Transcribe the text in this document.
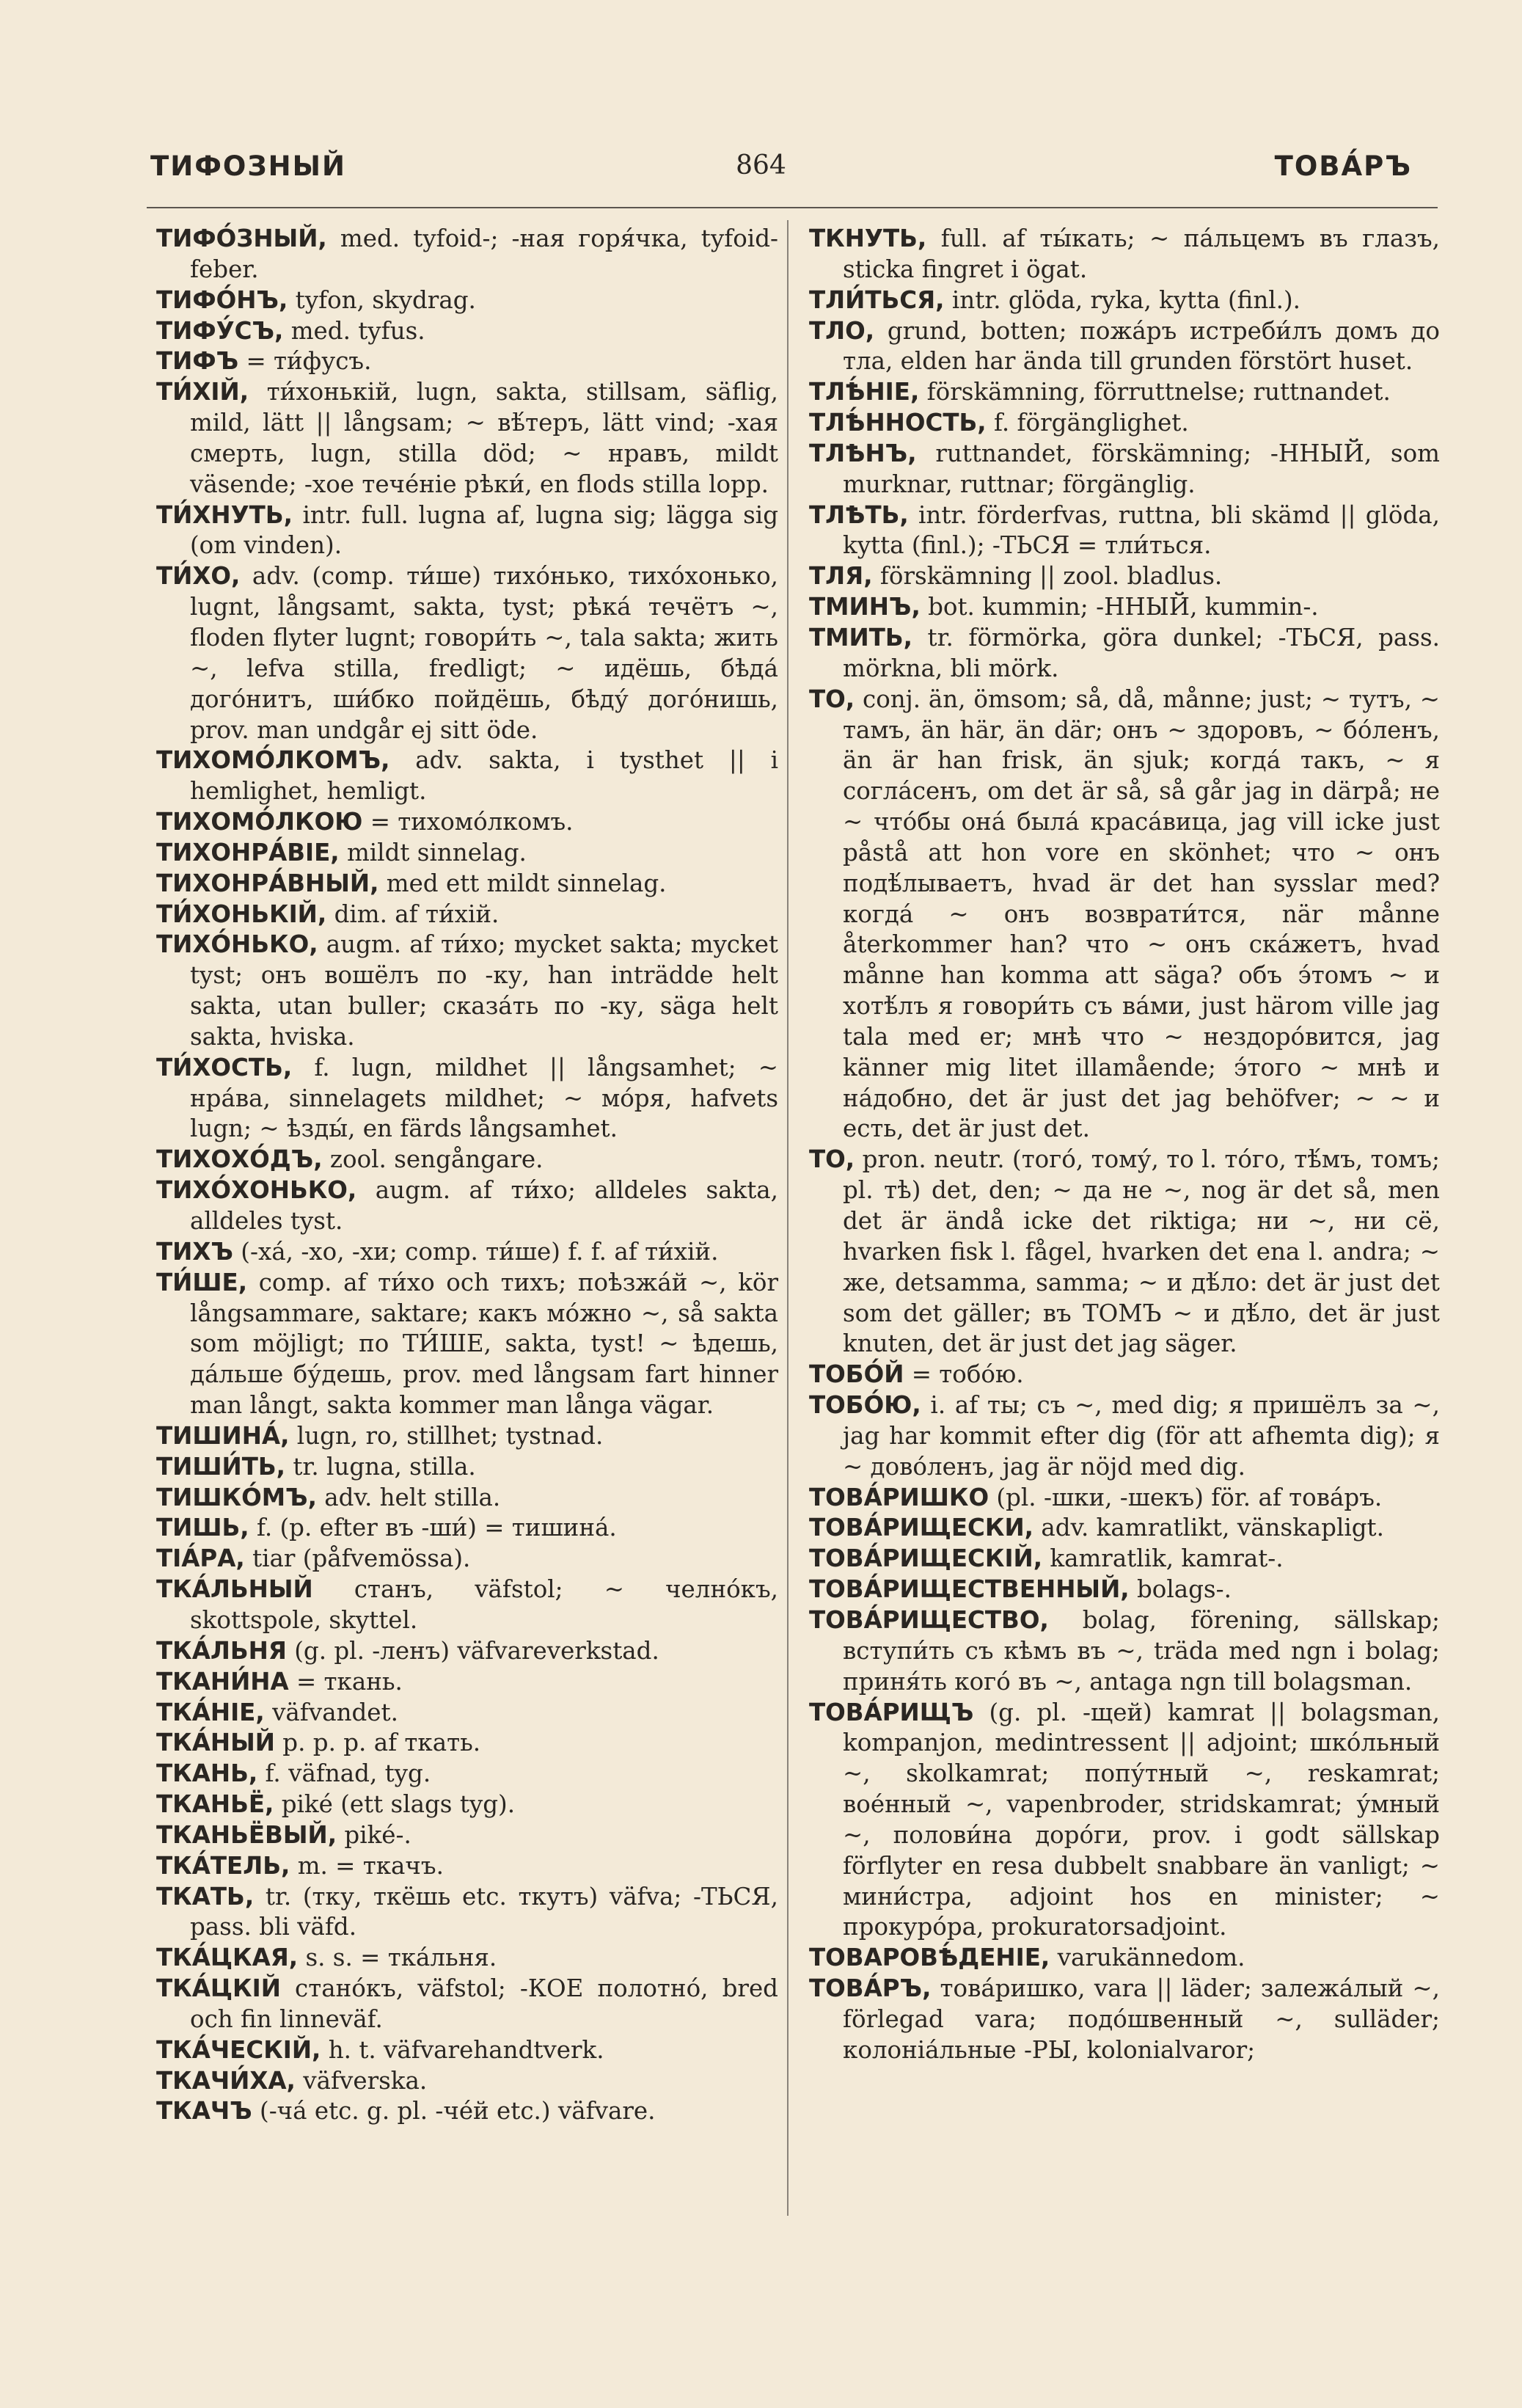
ТИФОЗНЫЙ	864	ТОВА́РЪ

ТИФО́ЗНЫЙ, med. tyfoid-; -ная горя́чка, tyfoid-feber.

ТИФО́НЪ, tyfon, skydrag.

ТИФУ́СЪ, med. tyfus.

ТИФЪ = ти́фусъ.

ТИ́ХІЙ, ти́хонькій, lugn, sakta, stillsam, säflig, mild, lätt || långsam; ~ вѣ́теръ, lätt vind; -хая смерть, lugn, stilla död; ~ нравъ, mildt väsende; -хое тече́ніе рѣки́, en flods stilla lopp.

ТИ́ХНУТЬ, intr. full. lugna af, lugna sig; lägga sig (om vinden).

ТИ́ХО, adv. (comp. ти́ше) тихо́нько, тихо́хонько, lugnt, långsamt, sakta, tyst; рѣка́ течётъ ~, floden flyter lugnt; говори́ть ~, tala sakta; жить ~, lefva stilla, fredligt; ~ идёшь, бѣда́ дого́нитъ, ши́бко пойдёшь, бѣду́ дого́нишь, prov. man undgår ej sitt öde.

ТИХОМО́ЛКОМЪ, adv. sakta, i tysthet || i hemlighet, hemligt.

ТИХОМО́ЛКОЮ = тихомо́лкомъ.

ТИХОНРА́ВІЕ, mildt sinnelag.

ТИХОНРА́ВНЫЙ, med ett mildt sinnelag.

ТИ́ХОНЬКІЙ, dim. af ти́хій.

ТИХО́НЬКО, augm. af ти́хо; mycket sakta; mycket tyst; онъ вошёлъ по -ку, han inträdde helt sakta, utan buller; сказа́ть по -ку, säga helt sakta, hviska.

ТИ́ХОСТЬ, f. lugn, mildhet || långsamhet; ~ нра́ва, sinnelagets mildhet; ~ мо́ря, hafvets lugn; ~ ѣзды́, en färds långsamhet.

ТИХОХО́ДЪ, zool. sengångare.

ТИХО́ХОНЬКО, augm. af ти́хо; alldeles sakta, alldeles tyst.

ТИХЪ (-ха́, -хо, -хи; comp. ти́ше) f. f. af ти́хій.

ТИ́ШЕ, comp. af ти́хо och тихъ; поѣзжа́й ~, kör långsammare, saktare; какъ мо́жно ~, så sakta som möjligt; по ТИ́ШЕ, sakta, tyst! ~ ѣдешь, да́льше бу́дешь, prov. med långsam fart hinner man långt, sakta kommer man långa vägar.

ТИШИНА́, lugn, ro, stillhet; tystnad.

ТИШИ́ТЬ, tr. lugna, stilla.

ТИШКО́МЪ, adv. helt stilla.

ТИШЬ, f. (p. efter въ -ши́) = тишина́.

ТІА́РА, tiar (påfvemössa).

ТКА́ЛЬНЫЙ станъ, väfstol; ~ челно́къ, skottspole, skyttel.

ТКА́ЛЬНЯ (g. pl. -ленъ) väfvareverkstad.

ТКАНИ́НА = ткань.

ТКА́НІЕ, väfvandet.

ТКА́НЫЙ p. p. p. af ткать.

ТКАНЬ, f. väfnad, tyg.

ТКАНЬЁ, piké (ett slags tyg).

ТКАНЬЁВЫЙ, piké-.

ТКА́ТЕЛЬ, m. = ткачъ.

ТКАТЬ, tr. (тку, ткёшь etc. ткутъ) väfva; -ТЬСЯ, pass. bli väfd.

ТКА́ЦКАЯ, s. s. = тка́льня.

ТКА́ЦКІЙ стано́къ, väfstol; -КОЕ полотно́, bred och fin linneväf.

ТКА́ЧЕСКІЙ, h. t. väfvarehandtverk.

ТКАЧИ́ХА, väfverska.

ТКАЧЪ (-ча́ etc. g. pl. -че́й etc.) väfvare.

ТКНУТЬ, full. af ты́кать; ~ па́льцемъ въ глазъ, sticka fingret i ögat.

ТЛИ́ТЬСЯ, intr. glöda, ryka, kytta (finl.).

ТЛО, grund, botten; пожа́ръ истреби́лъ домъ до тла, elden har ända till grunden förstört huset.

ТЛѢ́НІЕ, förskämning, förruttnelse; ruttnandet.

ТЛѢ́ННОСТЬ, f. förgänglighet.

ТЛѢНЪ, ruttnandet, förskämning; -ННЫЙ, som murknar, ruttnar; förgänglig.

ТЛѢТЬ, intr. förderfvas, ruttna, bli skämd || glöda, kytta (finl.); -ТЬСЯ = тли́ться.

ТЛЯ, förskämning || zool. bladlus.

ТМИНЪ, bot. kummin; -ННЫЙ, kummin-.

ТМИТЬ, tr. förmörka, göra dunkel; -ТЬСЯ, pass. mörkna, bli mörk.

ТО, conj. än, ömsom; så, då, månne; just; ~ тутъ, ~ тамъ, än här, än där; онъ ~ здоровъ, ~ бо́ленъ, än är han frisk, än sjuk; когда́ такъ, ~ я согла́сенъ, om det är så, så går jag in därpå; не ~ что́бы она́ была́ краса́вица, jag vill icke just påstå att hon vore en skönhet; что ~ онъ подѣ́лываетъ, hvad är det han sysslar med? когда́ ~ онъ возврати́тся, när månne återkommer han? что ~ онъ ска́жетъ, hvad månne han komma att säga? объ э́томъ ~ и хотѣ́лъ я говори́ть съ ва́ми, just härom ville jag tala med er; мнѣ что ~ нездоро́вится, jag känner mig litet illamående; э́того ~ мнѣ и на́добно, det är just det jag behöfver; ~ ~ и есть, det är just det.

ТО, pron. neutr. (того́, тому́, то l. то́го, тѣ́мъ, томъ; pl. тѣ) det, den; ~ да не ~, nog är det så, men det är ändå icke det riktiga; ни ~, ни сё, hvarken fisk l. fågel, hvarken det ena l. andra; ~ же, detsamma, samma; ~ и дѣ́ло: det är just det som det gäller; въ ТОМЪ ~ и дѣ́ло, det är just knuten, det är just det jag säger.

ТОБО́Й = тобо́ю.

ТОБО́Ю, i. af ты; съ ~, med dig; я пришёлъ за ~, jag har kommit efter dig (för att afhemta dig); я ~ дово́ленъ, jag är nöjd med dig.

ТОВА́РИШКО (pl. -шки, -шекъ) för. af това́ръ.

ТОВА́РИЩЕСКИ, adv. kamratlikt, vänskapligt.

ТОВА́РИЩЕСКІЙ, kamratlik, kamrat-.

ТОВА́РИЩЕСТВЕННЫЙ, bolags-.

ТОВА́РИЩЕСТВО, bolag, förening, sällskap; вступи́ть съ кѣмъ въ ~, träda med ngn i bolag; приня́ть кого́ въ ~, antaga ngn till bolagsman.

ТОВА́РИЩЪ (g. pl. -щей) kamrat || bolagsman, kompanjon, medintressent || adjoint; шко́льный ~, skolkamrat; попу́тный ~, reskamrat; вое́нный ~, vapenbroder, stridskamrat; у́мный ~, полови́на доро́ги, prov. i godt sällskap förflyter en resa dubbelt snabbare än vanligt; ~ мини́стра, adjoint hos en minister; ~ прокуро́ра, prokuratorsadjoint.

ТОВАРОВѢ́ДЕНІЕ, varukännedom.

ТОВА́РЪ, това́ришко, vara || läder; залежа́лый ~, förlegad vara; подо́швенный ~, sulläder; колоніа́льные -РЫ, kolonialvaror;
